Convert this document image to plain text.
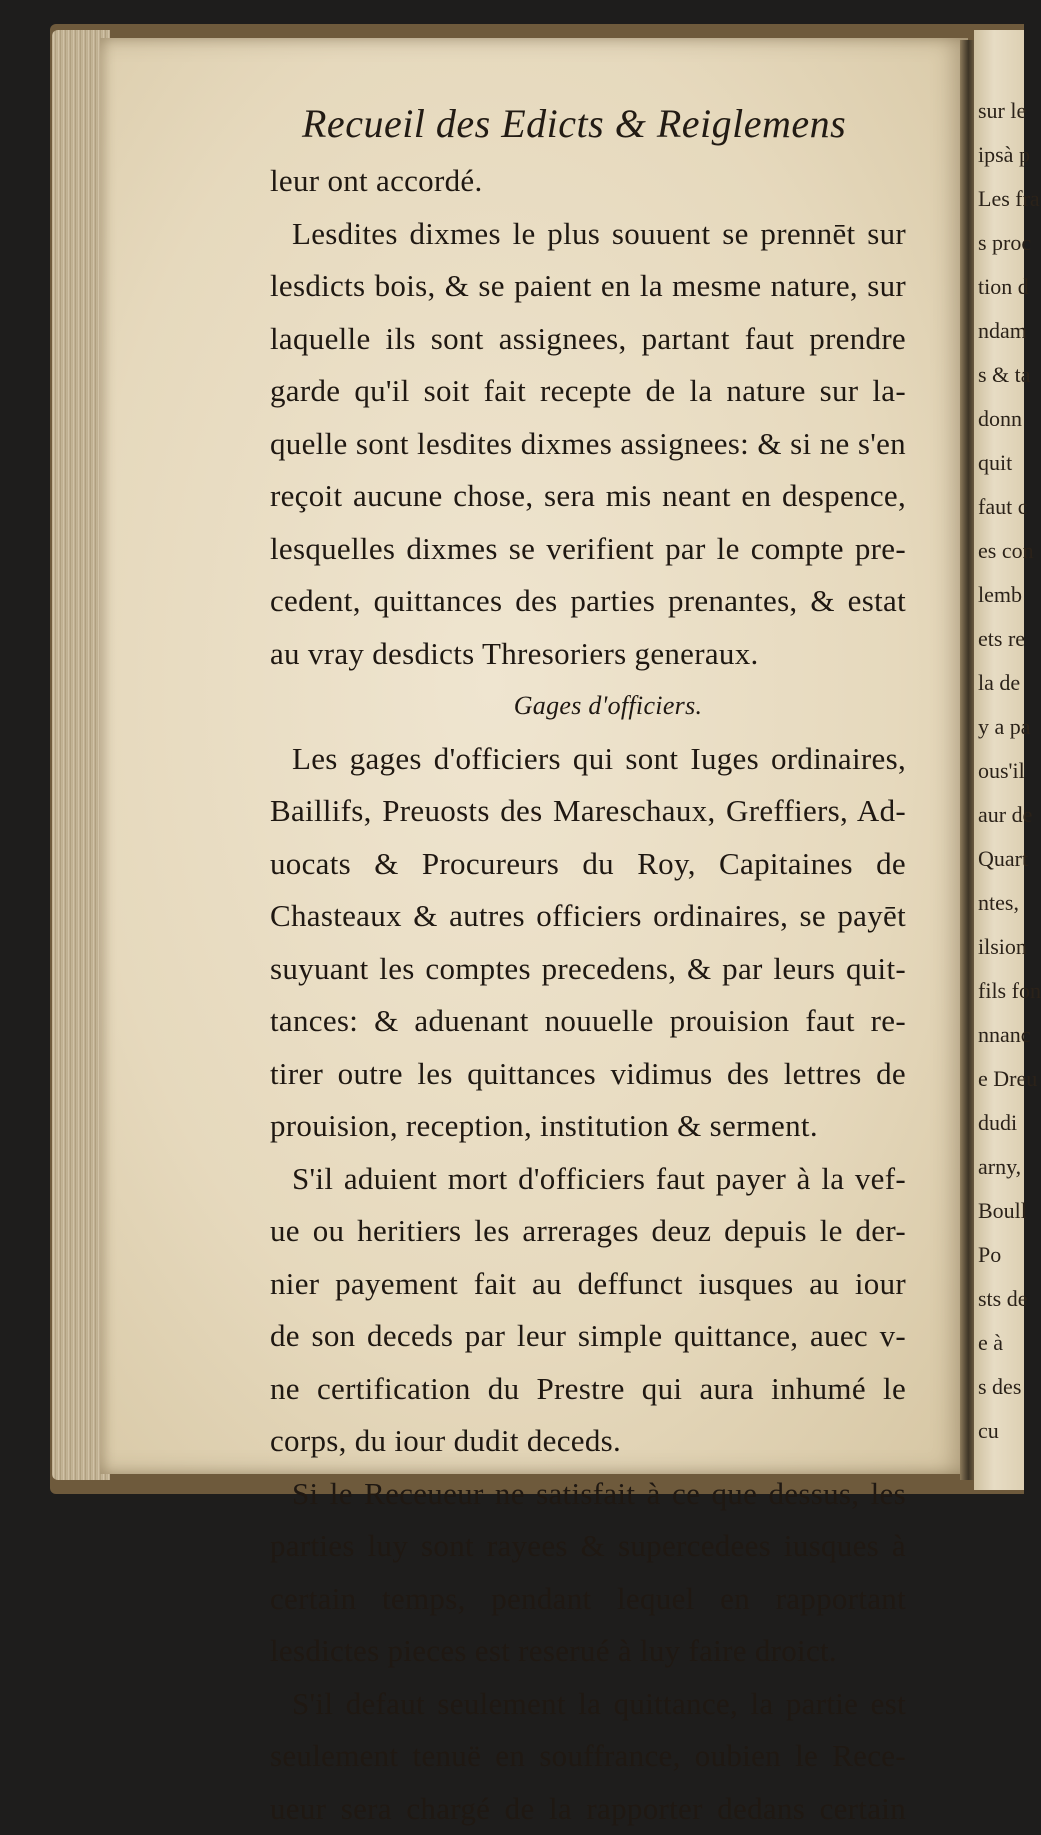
sur le
ipsà p
Les fra
s proc
tion d
ndam
s & ta
donn
quit
faut c
es con
lemb
ets re
la de
y a pa
ous'il
aur de
Quart
ntes,
ilsion
fils fon
nnanc
e Dreu
dudi
arny,
Boull
Po
sts de
e à
s des
cu
Recueil des Edicts & Reiglemens
leur ont accordé.
Lesdites dixmes le plus souuent se prennēt sur
lesdicts bois, & se paient en la mesme nature, sur
laquelle ils sont assignees, partant faut prendre
garde qu'il soit fait recepte de la nature sur la-
quelle sont lesdites dixmes assignees: & si ne s'en
reçoit aucune chose, sera mis neant en despence,
lesquelles dixmes se verifient par le compte pre-
cedent, quittances des parties prenantes, & estat
au vray desdicts Thresoriers generaux.
Gages d'officiers.
Les gages d'officiers qui sont Iuges ordinaires,
Baillifs, Preuosts des Mareschaux, Greffiers, Ad-
uocats & Procureurs du Roy, Capitaines de
Chasteaux & autres officiers ordinaires, se payēt
suyuant les comptes precedens, & par leurs quit-
tances: & aduenant nouuelle prouision faut re-
tirer outre les quittances vidimus des lettres de
prouision, reception, institution & serment.
S'il aduient mort d'officiers faut payer à la vef-
ue ou heritiers les arrerages deuz depuis le der-
nier payement fait au deffunct iusques au iour
de son deceds par leur simple quittance, auec v-
ne certification du Prestre qui aura inhumé le
corps, du iour dudit deceds.
Si le Receueur ne satisfait à ce que dessus, les
parties luy sont rayees & supercedees iusques à
certain temps, pendant lequel en rapportant
lesdictes pieces est reserué à luy faire droict.
S'il defaut seulement la quittance, la partie est
seulement tenuë en souffrance, oubien le Rece-
ueur sera chargé de la rapporter dedans certain
